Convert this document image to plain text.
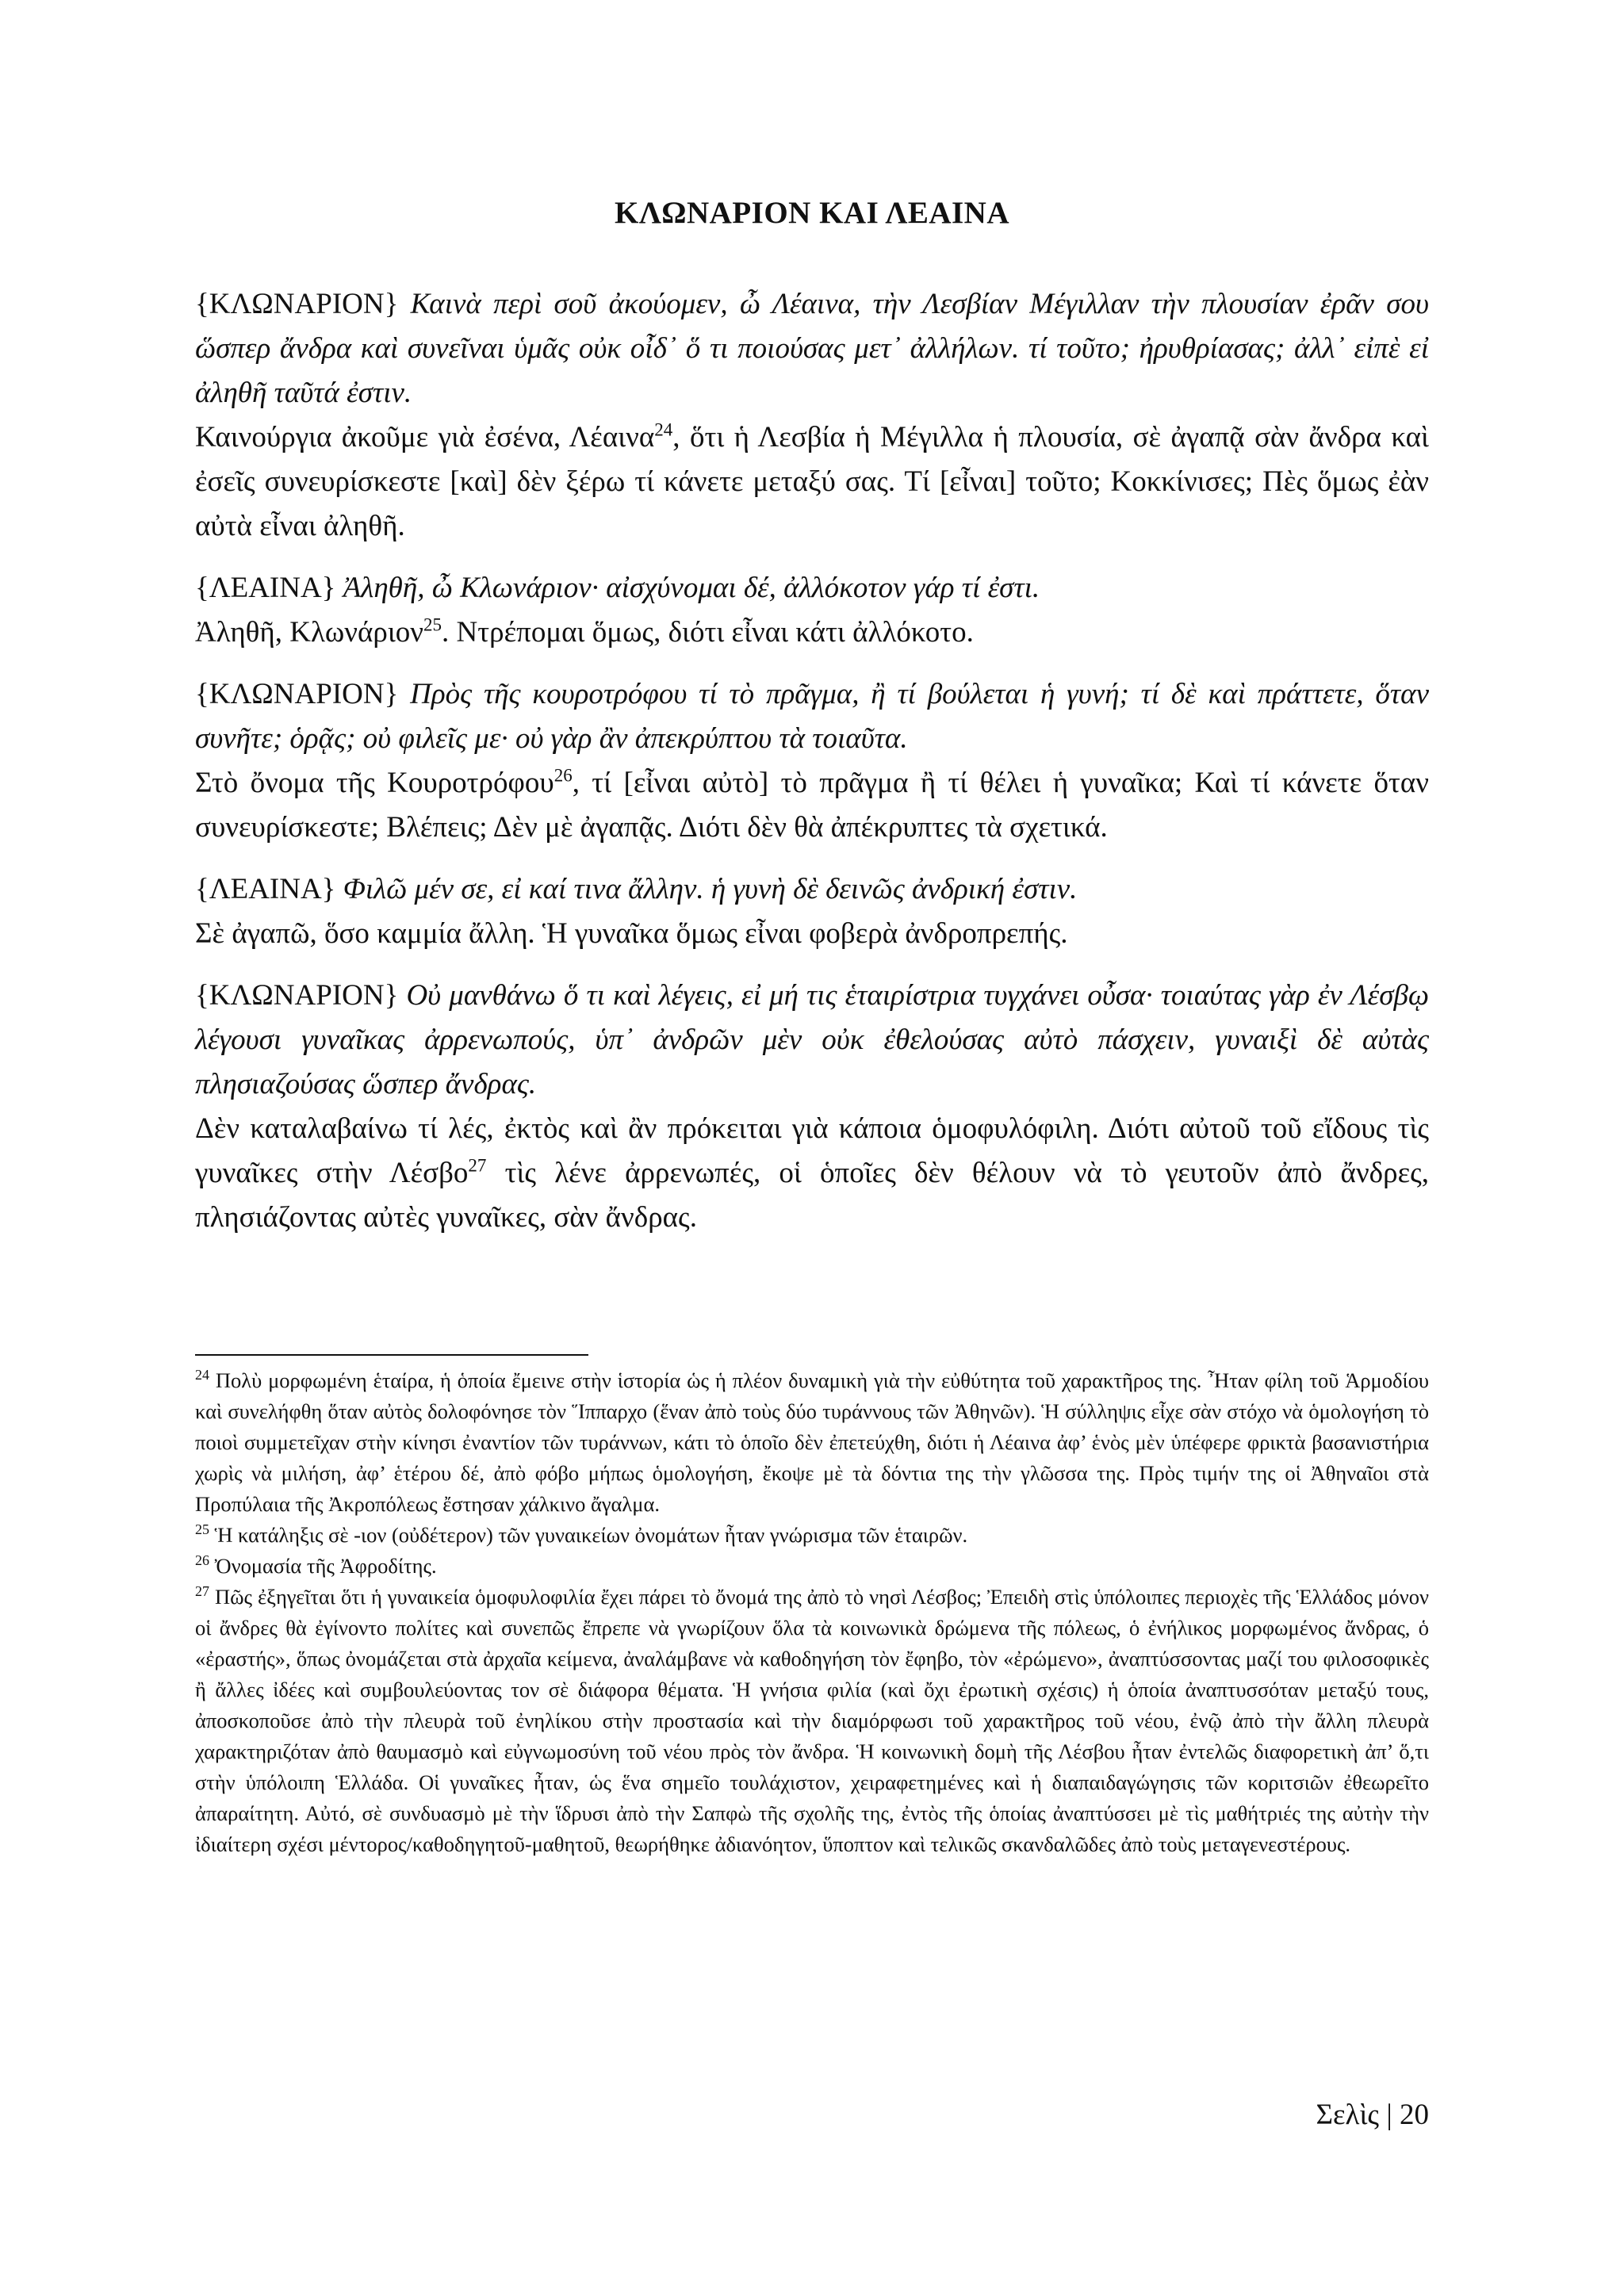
ΚΛΩΝΑΡΙΟΝ ΚΑΙ ΛΕΑΙΝΑ

{ΚΛΩΝΑΡΙΟΝ} Καινὰ περὶ σοῦ ἀκούομεν, ὦ Λέαινα, τὴν Λεσβίαν Μέγιλλαν τὴν πλουσίαν ἐρᾶν σου ὥσπερ ἄνδρα καὶ συνεῖναι ὑμᾶς οὐκ οἶδ᾽ ὅ τι ποιούσας μετ᾽ ἀλλήλων. τί τοῦτο; ἠρυθρίασας; ἀλλ᾽ εἰπὲ εἰ ἀληθῆ ταῦτά ἐστιν.

Καινούργια ἀκοῦμε γιὰ ἐσένα, Λέαινα$^{24}$, ὅτι ἡ Λεσβία ἡ Μέγιλλα ἡ πλουσία, σὲ ἀγαπᾷ σὰν ἄνδρα καὶ ἐσεῖς συνευρίσκεστε [καὶ] δὲν ξέρω τί κάνετε μεταξύ σας. Τί [εἶναι] τοῦτο; Κοκκίνισες; Πὲς ὅμως ἐὰν αὐτὰ εἶναι ἀληθῆ.

{ΛΕΑΙΝΑ} Ἀληθῆ, ὦ Κλωνάριον· αἰσχύνομαι δέ, ἀλλόκοτον γάρ τί ἐστι.

Ἀληθῆ, Κλωνάριον$^{25}$. Ντρέπομαι ὅμως, διότι εἶναι κάτι ἀλλόκοτο.

{ΚΛΩΝΑΡΙΟΝ} Πρὸς τῆς κουροτρόφου τί τὸ πρᾶγμα, ἢ τί βούλεται ἡ γυνή; τί δὲ καὶ πράττετε, ὅταν συνῆτε; ὁρᾷς; οὐ φιλεῖς με· οὐ γὰρ ἂν ἀπεκρύπτου τὰ τοιαῦτα.

Στὸ ὄνομα τῆς Κουροτρόφου$^{26}$, τί [εἶναι αὐτὸ] τὸ πρᾶγμα ἢ τί θέλει ἡ γυναῖκα; Καὶ τί κάνετε ὅταν συνευρίσκεστε; Βλέπεις; Δὲν μὲ ἀγαπᾷς. Διότι δὲν θὰ ἀπέκρυπτες τὰ σχετικά.

{ΛΕΑΙΝΑ} Φιλῶ μέν σε, εἰ καί τινα ἄλλην. ἡ γυνὴ δὲ δεινῶς ἀνδρική ἐστιν.

Σὲ ἀγαπῶ, ὅσο καμμία ἄλλη. Ἡ γυναῖκα ὅμως εἶναι φοβερὰ ἀνδροπρεπής.

{ΚΛΩΝΑΡΙΟΝ} Οὐ μανθάνω ὅ τι καὶ λέγεις, εἰ μή τις ἑταιρίστρια τυγχάνει οὖσα· τοιαύτας γὰρ ἐν Λέσβῳ λέγουσι γυναῖκας ἀρρενωπούς, ὑπ᾽ ἀνδρῶν μὲν οὐκ ἐθελούσας αὐτὸ πάσχειν, γυναιξὶ δὲ αὐτὰς πλησιαζούσας ὥσπερ ἄνδρας.

Δὲν καταλαβαίνω τί λές, ἐκτὸς καὶ ἂν πρόκειται γιὰ κάποια ὁμοφυλόφιλη. Διότι αὐτοῦ τοῦ εἴδους τὶς γυναῖκες στὴν Λέσβο$^{27}$ τὶς λένε ἀρρενωπές, οἱ ὁποῖες δὲν θέλουν νὰ τὸ γευτοῦν ἀπὸ ἄνδρες, πλησιάζοντας αὐτὲς γυναῖκες, σὰν ἄνδρας.

$^{24}$ Πολὺ μορφωμένη ἑταίρα, ἡ ὁποία ἔμεινε στὴν ἱστορία ὡς ἡ πλέον δυναμικὴ γιὰ τὴν εὐθύτητα τοῦ χαρακτῆρος της. Ἦταν φίλη τοῦ Ἁρμοδίου καὶ συνελήφθη ὅταν αὐτὸς δολοφόνησε τὸν Ἵππαρχο (ἕναν ἀπὸ τοὺς δύο τυράννους τῶν Ἀθηνῶν). Ἡ σύλληψις εἶχε σὰν στόχο νὰ ὁμολογήση τὸ ποιοὶ συμμετεῖχαν στὴν κίνησι ἐναντίον τῶν τυράννων, κάτι τὸ ὁποῖο δὲν ἐπετεύχθη, διότι ἡ Λέαινα ἀφ’ ἑνὸς μὲν ὑπέφερε φρικτὰ βασανιστήρια χωρὶς νὰ μιλήση, ἀφ’ ἑτέρου δέ, ἀπὸ φόβο μήπως ὁμολογήση, ἔκοψε μὲ τὰ δόντια της τὴν γλῶσσα της. Πρὸς τιμήν της οἱ Ἀθηναῖοι στὰ Προπύλαια τῆς Ἀκροπόλεως ἔστησαν χάλκινο ἄγαλμα.

$^{25}$ Ἡ κατάληξις σὲ -ιον (οὐδέτερον) τῶν γυναικείων ὀνομάτων ἦταν γνώρισμα τῶν ἑταιρῶν.

$^{26}$ Ὀνομασία τῆς Ἀφροδίτης.

$^{27}$ Πῶς ἐξηγεῖται ὅτι ἡ γυναικεία ὁμοφυλοφιλία ἔχει πάρει τὸ ὄνομά της ἀπὸ τὸ νησὶ Λέσβος; Ἐπειδὴ στὶς ὑπόλοιπες περιοχὲς τῆς Ἑλλάδος μόνον οἱ ἄνδρες θὰ ἐγίνοντο πολίτες καὶ συνεπῶς ἔπρεπε νὰ γνωρίζουν ὅλα τὰ κοινωνικὰ δρώμενα τῆς πόλεως, ὁ ἐνήλικος μορφωμένος ἄνδρας, ὁ «ἐραστής», ὅπως ὀνομάζεται στὰ ἀρχαῖα κείμενα, ἀναλάμβανε νὰ καθοδηγήση τὸν ἔφηβο, τὸν «ἐρώμενο», ἀναπτύσσοντας μαζί του φιλοσοφικὲς ἢ ἄλλες ἰδέες καὶ συμβουλεύοντας τον σὲ διάφορα θέματα. Ἡ γνήσια φιλία (καὶ ὄχι ἐρωτικὴ σχέσις) ἡ ὁποία ἀναπτυσσόταν μεταξύ τους, ἀποσκοποῦσε ἀπὸ τὴν πλευρὰ τοῦ ἐνηλίκου στὴν προστασία καὶ τὴν διαμόρφωσι τοῦ χαρακτῆρος τοῦ νέου, ἐνῷ ἀπὸ τὴν ἄλλη πλευρὰ χαρακτηριζόταν ἀπὸ θαυμασμὸ καὶ εὐγνωμοσύνη τοῦ νέου πρὸς τὸν ἄνδρα. Ἡ κοινωνικὴ δομὴ τῆς Λέσβου ἦταν ἐντελῶς διαφορετικὴ ἀπ’ ὅ,τι στὴν ὑπόλοιπη Ἑλλάδα. Οἱ γυναῖκες ἦταν, ὡς ἕνα σημεῖο τουλάχιστον, χειραφετημένες καὶ ἡ διαπαιδαγώγησις τῶν κοριτσιῶν ἐθεωρεῖτο ἀπαραίτητη. Αὐτό, σὲ συνδυασμὸ μὲ τὴν ἵδρυσι ἀπὸ τὴν Σαπφὼ τῆς σχολῆς της, ἐντὸς τῆς ὁποίας ἀναπτύσσει μὲ τὶς μαθήτριές της αὐτὴν τὴν ἰδιαίτερη σχέσι μέντορος/καθοδηγητοῦ-μαθητοῦ, θεωρήθηκε ἀδιανόητον, ὕποπτον καὶ τελικῶς σκανδαλῶδες ἀπὸ τοὺς μεταγενεστέρους.

Σελὶς | 20
